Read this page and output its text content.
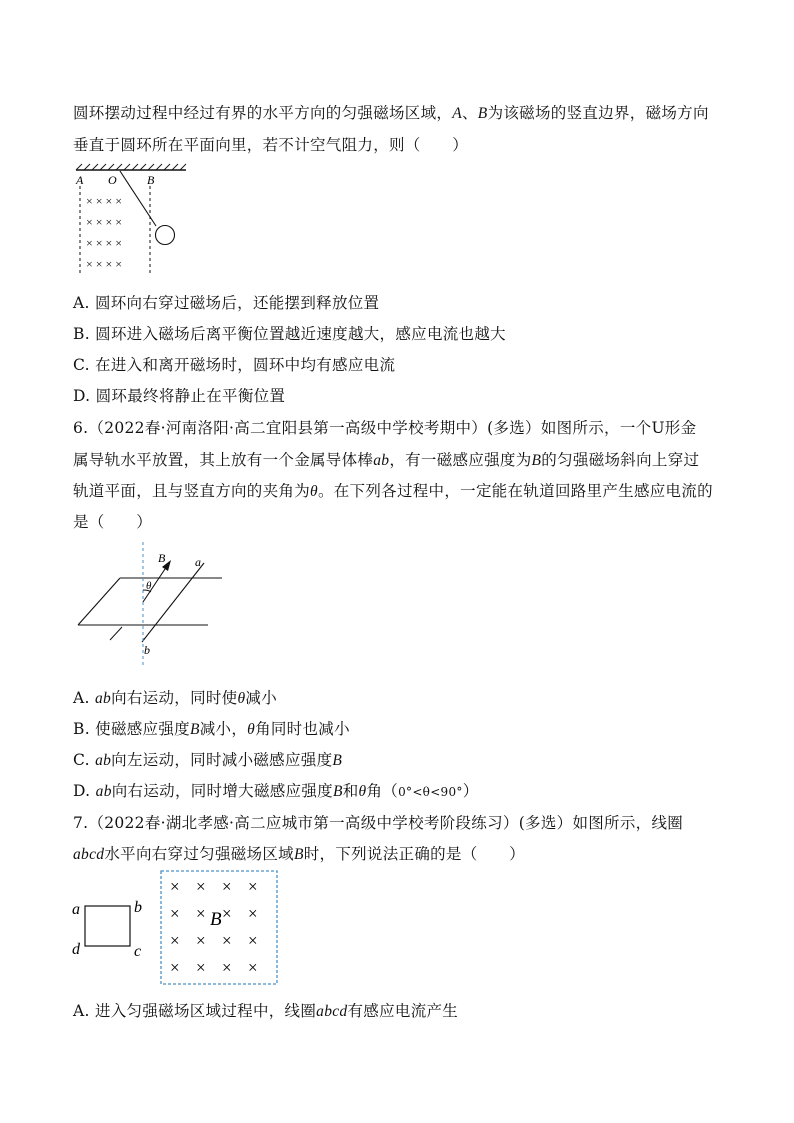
圆环摆动过程中经过有界的水平方向的匀强磁场区域，A、B为该磁场的竖直边界，磁场方向
垂直于圆环所在平面向里，若不计空气阻力，则（　　）
A O	B
× × × ×
× × × ×
× × × ×
× × × ×
A. 圆环向右穿过磁场后，还能摆到释放位置
B. 圆环进入磁场后离平衡位置越近速度越大，感应电流也越大
C. 在进入和离开磁场时，圆环中均有感应电流
D. 圆环最终将静止在平衡位置
6.（2022春·河南洛阳·高二宜阳县第一高级中学校考期中）(多选）如图所示，一个U形金
属导轨水平放置，其上放有一个金属导体棒ab，有一磁感应强度为B的匀强磁场斜向上穿过
轨道平面，且与竖直方向的夹角为θ。在下列各过程中，一定能在轨道回路里产生感应电流的
是（　　）
B a
θ
b
A. ab向右运动，同时使θ减小
B. 使磁感应强度B减小，θ角同时也减小
C. ab向左运动，同时减小磁感应强度B
D. ab向右运动，同时增大磁感应强度B和θ角（0°<θ<90°）
7.（2022春·湖北孝感·高二应城市第一高级中学校考阶段练习）(多选）如图所示，线圈
abcd水平向右穿过匀强磁场区域B时，下列说法正确的是（　　）
a	b
d	c
× × × ×
× × × ×
× × × ×
× × × ×
B
A. 进入匀强磁场区域过程中，线圈abcd有感应电流产生
